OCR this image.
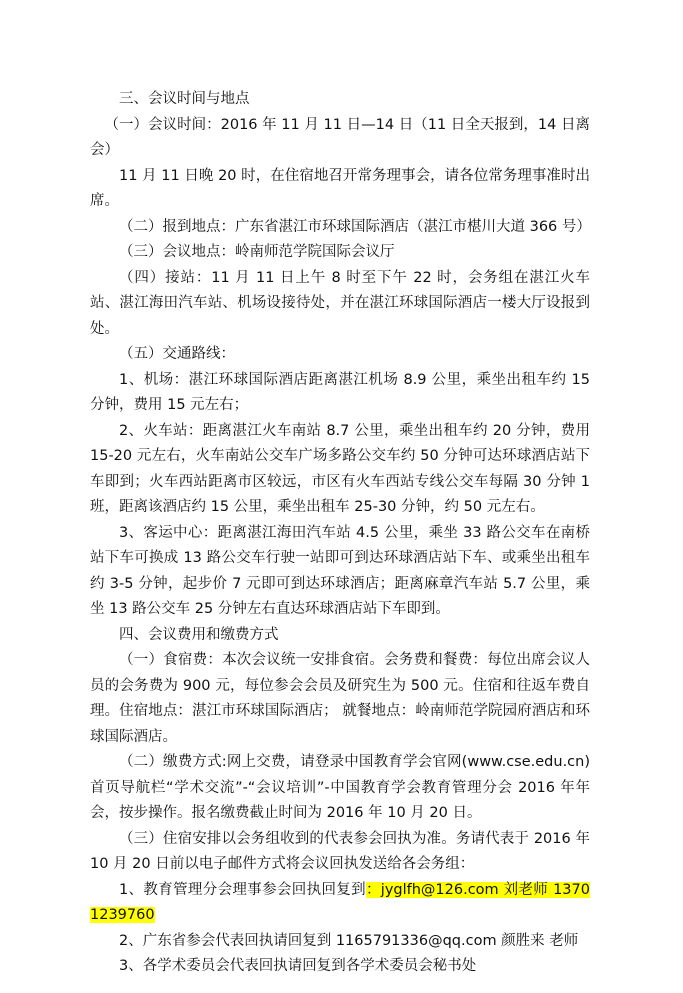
三、会议时间与地点

（一）会议时间：2016 年 11 月 11 日—14 日（11 日全天报到，14 日离会）

11 月 11 日晚 20 时，在住宿地召开常务理事会，请各位常务理事准时出席。

（二）报到地点：广东省湛江市环球国际酒店（湛江市椹川大道 366 号）

（三）会议地点：岭南师范学院国际会议厅

（四）接站：11 月 11 日上午 8 时至下午 22 时，会务组在湛江火车站、湛江海田汽车站、机场设接待处，并在湛江环球国际酒店一楼大厅设报到处。

（五）交通路线：

1、机场：湛江环球国际酒店距离湛江机场 8.9 公里，乘坐出租车约 15 分钟，费用 15 元左右；

2、火车站：距离湛江火车南站 8.7 公里，乘坐出租车约 20 分钟，费用 15-20 元左右，火车南站公交车广场多路公交车约 50 分钟可达环球酒店站下车即到；火车西站距离市区较远，市区有火车西站专线公交车每隔 30 分钟 1 班，距离该酒店约 15 公里，乘坐出租车 25-30 分钟，约 50 元左右。

3、客运中心：距离湛江海田汽车站 4.5 公里，乘坐 33 路公交车在南桥站下车可换成 13 路公交车行驶一站即可到达环球酒店站下车、或乘坐出租车约 3-5 分钟，起步价 7 元即可到达环球酒店；距离麻章汽车站 5.7 公里，乘坐 13 路公交车 25 分钟左右直达环球酒店站下车即到。

四、会议费用和缴费方式

（一）食宿费：本次会议统一安排食宿。会务费和餐费：每位出席会议人员的会务费为 900 元，每位参会会员及研究生为 500 元。住宿和往返车费自理。住宿地点：湛江市环球国际酒店； 就餐地点：岭南师范学院园府酒店和环球国际酒店。

（二）缴费方式:网上交费，请登录中国教育学会官网(www.cse.edu.cn)首页导航栏“学术交流”-“会议培训”-中国教育学会教育管理分会 2016 年年会，按步操作。报名缴费截止时间为 2016 年 10 月 20 日。

（三）住宿安排以会务组收到的代表参会回执为准。务请代表于 2016 年 10 月 20 日前以电子邮件方式将会议回执发送给各会务组：

1、教育管理分会理事参会回执回复到：jyglfh@126.com 刘老师 13701239760

2、广东省参会代表回执请回复到 1165791336@qq.com 颜胜来 老师

3、各学术委员会代表回执请回复到各学术委员会秘书处
